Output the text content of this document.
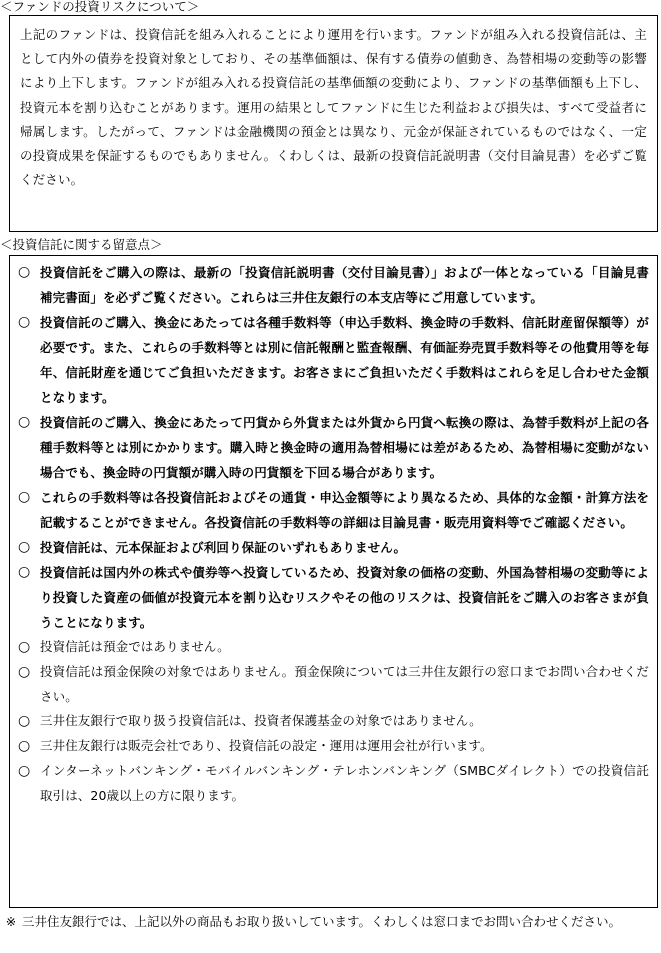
＜ファンドの投資リスクについて＞

上記のファンドは、投資信託を組み入れることにより運用を行います。ファンドが組み入れる投資信託は、主として内外の債券を投資対象としており、その基準価額は、保有する債券の値動き、為替相場の変動等の影響により上下します。ファンドが組み入れる投資信託の基準価額の変動により、ファンドの基準価額も上下し、投資元本を割り込むことがあります。運用の結果としてファンドに生じた利益および損失は、すべて受益者に帰属します。したがって、ファンドは金融機関の預金とは異なり、元金が保証されているものではなく、一定の投資成果を保証するものでもありません。くわしくは、最新の投資信託説明書（交付目論見書）を必ずご覧ください。

＜投資信託に関する留意点＞
○ 投資信託をご購入の際は、最新の「投資信託説明書（交付目論見書）」および一体となっている「目論見書補完書面」を必ずご覧ください。これらは三井住友銀行の本支店等にご用意しています。
○ 投資信託のご購入、換金にあたっては各種手数料等（申込手数料、換金時の手数料、信託財産留保額等）が必要です。また、これらの手数料等とは別に信託報酬と監査報酬、有価証券売買手数料等その他費用等を毎年、信託財産を通じてご負担いただきます。お客さまにご負担いただく手数料はこれらを足し合わせた金額となります。
○ 投資信託のご購入、換金にあたって円貨から外貨または外貨から円貨へ転換の際は、為替手数料が上記の各種手数料等とは別にかかります。購入時と換金時の適用為替相場には差があるため、為替相場に変動がない場合でも、換金時の円貨額が購入時の円貨額を下回る場合があります。
○ これらの手数料等は各投資信託およびその通貨・申込金額等により異なるため、具体的な金額・計算方法を記載することができません。各投資信託の手数料等の詳細は目論見書・販売用資料等でご確認ください。
○ 投資信託は、元本保証および利回り保証のいずれもありません。
○ 投資信託は国内外の株式や債券等へ投資しているため、投資対象の価格の変動、外国為替相場の変動等により投資した資産の価値が投資元本を割り込むリスクやその他のリスクは、投資信託をご購入のお客さまが負うことになります。
○ 投資信託は預金ではありません。
○ 投資信託は預金保険の対象ではありません。預金保険については三井住友銀行の窓口までお問い合わせください。
○ 三井住友銀行で取り扱う投資信託は、投資者保護基金の対象ではありません。
○ 三井住友銀行は販売会社であり、投資信託の設定・運用は運用会社が行います。
○ インターネットバンキング・モバイルバンキング・テレホンバンキング（SMBCダイレクト）での投資信託取引は、20歳以上の方に限ります。
※ 三井住友銀行では、上記以外の商品もお取り扱いしています。くわしくは窓口までお問い合わせください。
